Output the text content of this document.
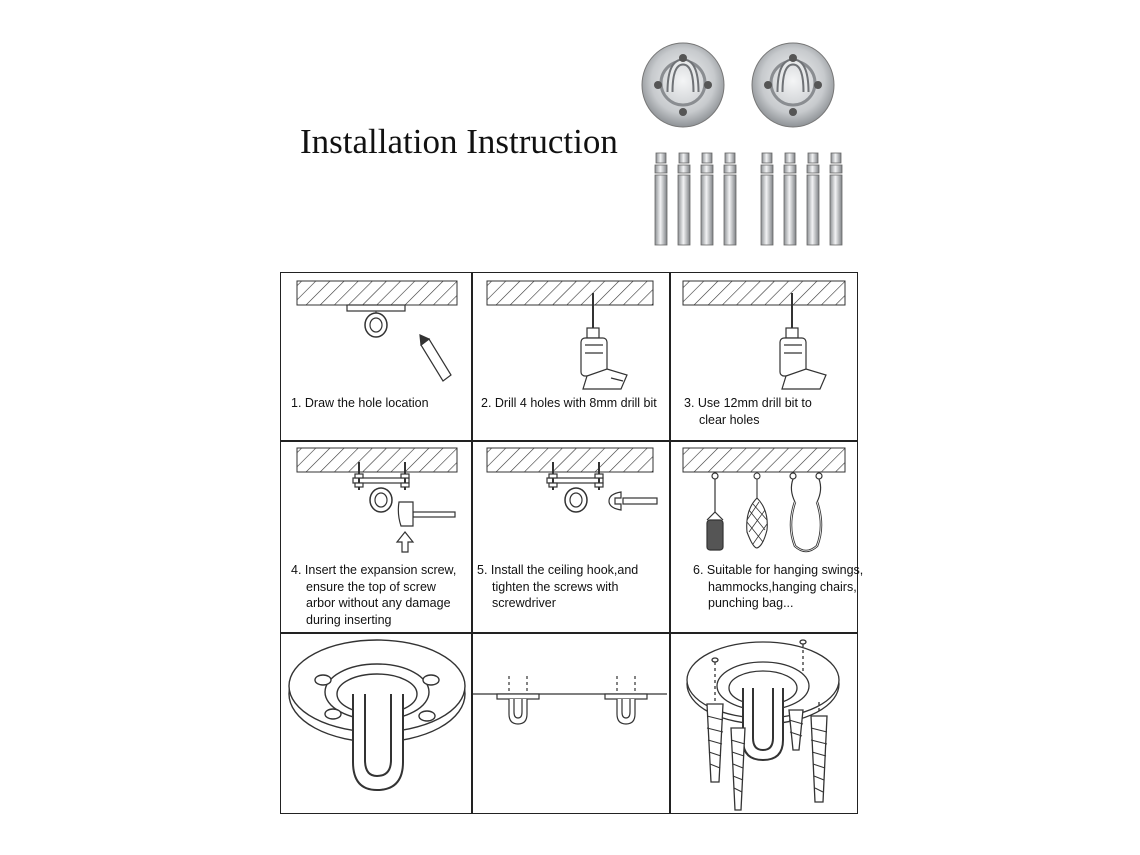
Installation Instruction
1. Draw the hole location	2. Drill 4 holes with 8mm drill bit 3. Use 12mm drill bit to
clear holes
4. Insert the expansion screw,
ensure the top of screw
arbor without any damage
during inserting
5. Install the ceiling hook,and
tighten the screws with
screwdriver
6. Suitable for hanging swings,
hammocks,hanging chairs,
punching bag...
